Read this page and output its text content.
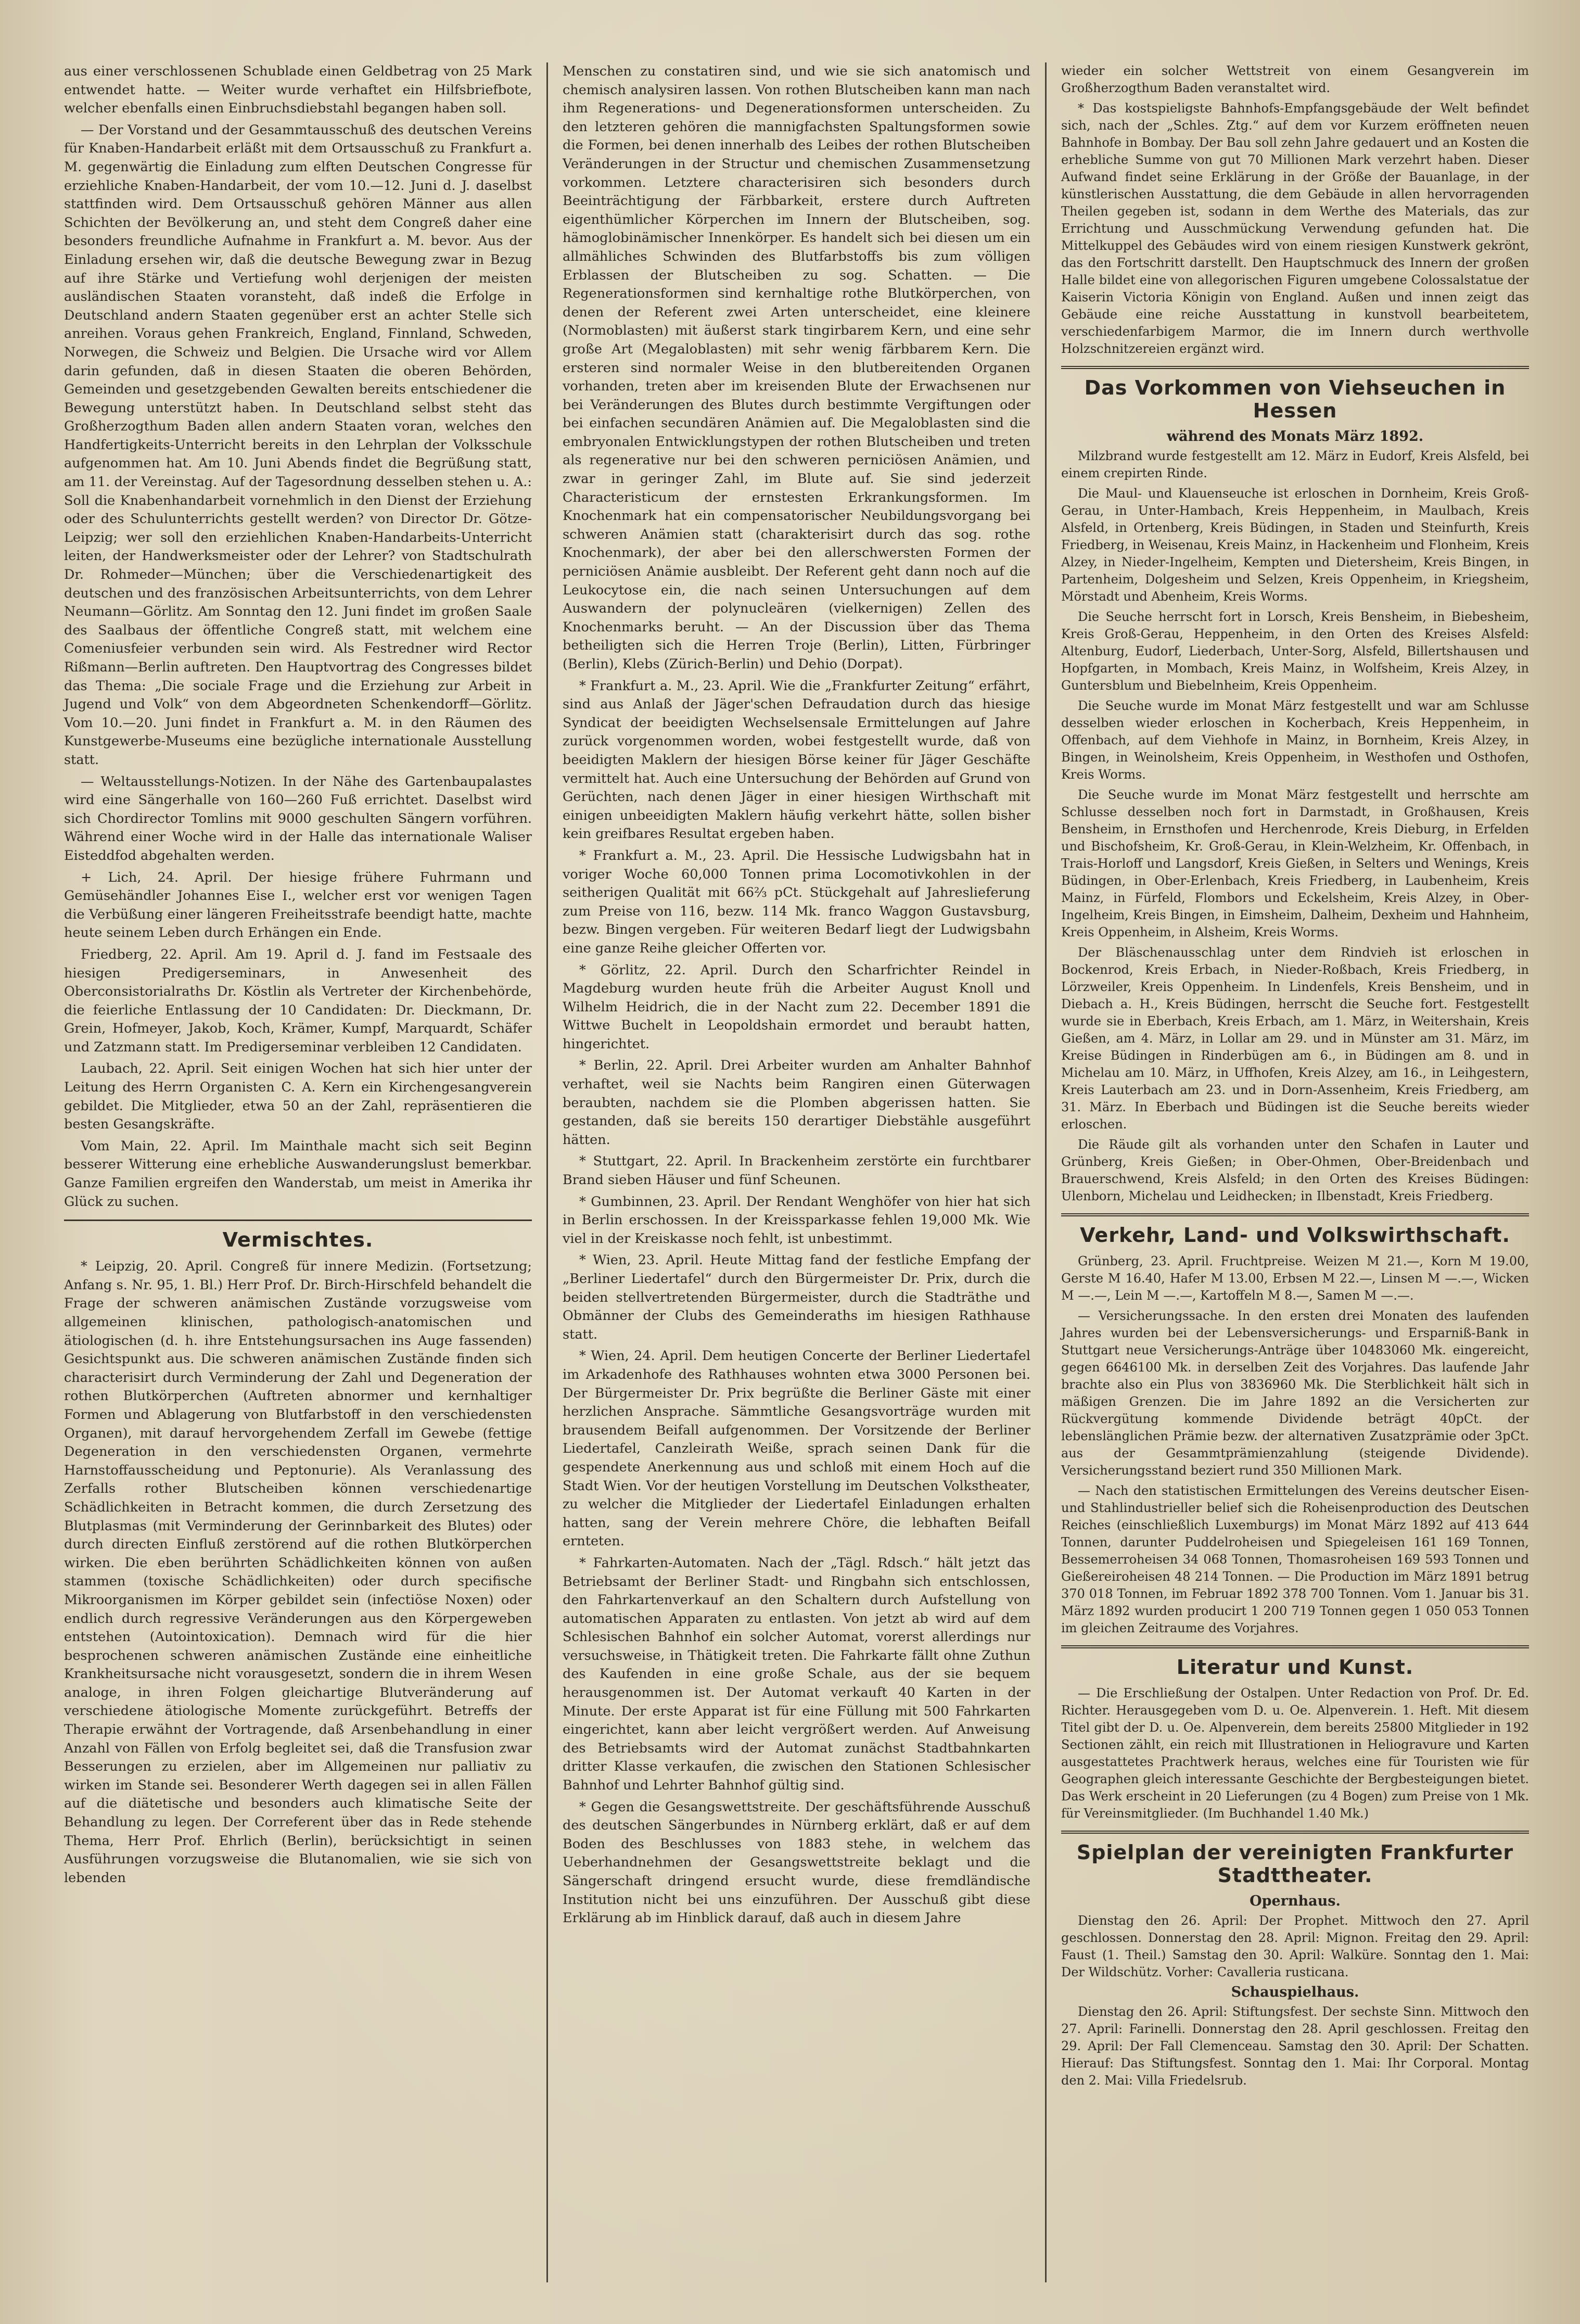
aus einer verschlossenen Schublade einen Geldbetrag von 25 Mark entwendet hatte. — Weiter wurde verhaftet ein Hilfsbriefbote, welcher ebenfalls einen Einbruchsdiebstahl begangen haben soll.

— Der Vorstand und der Gesammtausschuß des deutschen Vereins für Knaben-Handarbeit erläßt mit dem Ortsausschuß zu Frankfurt a. M. gegenwärtig die Einladung zum elften Deutschen Congresse für erziehliche Knaben-Handarbeit, der vom 10.—12. Juni d. J. daselbst stattfinden wird. Dem Ortsausschuß gehören Männer aus allen Schichten der Bevölkerung an, und steht dem Congreß daher eine besonders freundliche Aufnahme in Frankfurt a. M. bevor. Aus der Einladung ersehen wir, daß die deutsche Bewegung zwar in Bezug auf ihre Stärke und Vertiefung wohl derjenigen der meisten ausländischen Staaten voransteht, daß indeß die Erfolge in Deutschland andern Staaten gegenüber erst an achter Stelle sich anreihen. Voraus gehen Frankreich, England, Finnland, Schweden, Norwegen, die Schweiz und Belgien. Die Ursache wird vor Allem darin gefunden, daß in diesen Staaten die oberen Behörden, Gemeinden und gesetzgebenden Gewalten bereits entschiedener die Bewegung unterstützt haben. In Deutschland selbst steht das Großherzogthum Baden allen andern Staaten voran, welches den Handfertigkeits-Unterricht bereits in den Lehrplan der Volksschule aufgenommen hat. Am 10. Juni Abends findet die Begrüßung statt, am 11. der Vereinstag. Auf der Tagesordnung desselben stehen u. A.: Soll die Knabenhandarbeit vornehmlich in den Dienst der Erziehung oder des Schulunterrichts gestellt werden? von Director Dr. Götze-Leipzig; wer soll den erziehlichen Knaben-Handarbeits-Unterricht leiten, der Handwerksmeister oder der Lehrer? von Stadtschulrath Dr. Rohmeder—München; über die Verschiedenartigkeit des deutschen und des französischen Arbeitsunterrichts, von dem Lehrer Neumann—Görlitz. Am Sonntag den 12. Juni findet im großen Saale des Saalbaus der öffentliche Congreß statt, mit welchem eine Comeniusfeier verbunden sein wird. Als Festredner wird Rector Rißmann—Berlin auftreten. Den Hauptvortrag des Congresses bildet das Thema: „Die sociale Frage und die Erziehung zur Arbeit in Jugend und Volk“ von dem Abgeordneten Schenkendorff—Görlitz. Vom 10.—20. Juni findet in Frankfurt a. M. in den Räumen des Kunstgewerbe-Museums eine bezügliche internationale Ausstellung statt.

— Weltausstellungs-Notizen. In der Nähe des Gartenbaupalastes wird eine Sängerhalle von 160—260 Fuß errichtet. Daselbst wird sich Chordirector Tomlins mit 9000 geschulten Sängern vorführen. Während einer Woche wird in der Halle das internationale Waliser Eisteddfod abgehalten werden.

+ Lich, 24. April. Der hiesige frühere Fuhrmann und Gemüsehändler Johannes Eise I., welcher erst vor wenigen Tagen die Verbüßung einer längeren Freiheitsstrafe beendigt hatte, machte heute seinem Leben durch Erhängen ein Ende.

Friedberg, 22. April. Am 19. April d. J. fand im Festsaale des hiesigen Predigerseminars, in Anwesenheit des Oberconsistorialraths Dr. Köstlin als Vertreter der Kirchenbehörde, die feierliche Entlassung der 10 Candidaten: Dr. Dieckmann, Dr. Grein, Hofmeyer, Jakob, Koch, Krämer, Kumpf, Marquardt, Schäfer und Zatzmann statt. Im Predigerseminar verbleiben 12 Candidaten.

Laubach, 22. April. Seit einigen Wochen hat sich hier unter der Leitung des Herrn Organisten C. A. Kern ein Kirchengesangverein gebildet. Die Mitglieder, etwa 50 an der Zahl, repräsentieren die besten Gesangskräfte.

Vom Main, 22. April. Im Mainthale macht sich seit Beginn besserer Witterung eine erhebliche Auswanderungslust bemerkbar. Ganze Familien ergreifen den Wanderstab, um meist in Amerika ihr Glück zu suchen.

Vermischtes.

* Leipzig, 20. April. Congreß für innere Medizin. (Fortsetzung; Anfang s. Nr. 95, 1. Bl.) Herr Prof. Dr. Birch-Hirschfeld behandelt die Frage der schweren anämischen Zustände vorzugsweise vom allgemeinen klinischen, pathologisch-anatomischen und ätiologischen (d. h. ihre Entstehungsursachen ins Auge fassenden) Gesichtspunkt aus. Die schweren anämischen Zustände finden sich characterisirt durch Verminderung der Zahl und Degeneration der rothen Blutkörperchen (Auftreten abnormer und kernhaltiger Formen und Ablagerung von Blutfarbstoff in den verschiedensten Organen), mit darauf hervorgehendem Zerfall im Gewebe (fettige Degeneration in den verschiedensten Organen, vermehrte Harnstoffausscheidung und Peptonurie). Als Veranlassung des Zerfalls rother Blutscheiben können verschiedenartige Schädlichkeiten in Betracht kommen, die durch Zersetzung des Blutplasmas (mit Verminderung der Gerinnbarkeit des Blutes) oder durch directen Einfluß zerstörend auf die rothen Blutkörperchen wirken. Die eben berührten Schädlichkeiten können von außen stammen (toxische Schädlichkeiten) oder durch specifische Mikroorganismen im Körper gebildet sein (infectiöse Noxen) oder endlich durch regressive Veränderungen aus den Körpergeweben entstehen (Autointoxication). Demnach wird für die hier besprochenen schweren anämischen Zustände eine einheitliche Krankheitsursache nicht vorausgesetzt, sondern die in ihrem Wesen analoge, in ihren Folgen gleichartige Blutveränderung auf verschiedene ätiologische Momente zurückgeführt. Betreffs der Therapie erwähnt der Vortragende, daß Arsenbehandlung in einer Anzahl von Fällen von Erfolg begleitet sei, daß die Transfusion zwar Besserungen zu erzielen, aber im Allgemeinen nur palliativ zu wirken im Stande sei. Besonderer Werth dagegen sei in allen Fällen auf die diätetische und besonders auch klimatische Seite der Behandlung zu legen. Der Correferent über das in Rede stehende Thema, Herr Prof. Ehrlich (Berlin), berücksichtigt in seinen Ausführungen vorzugsweise die Blutanomalien, wie sie sich von lebenden

Menschen zu constatiren sind, und wie sie sich anatomisch und chemisch analysiren lassen. Von rothen Blutscheiben kann man nach ihm Regenerations- und Degenerationsformen unterscheiden. Zu den letzteren gehören die mannigfachsten Spaltungsformen sowie die Formen, bei denen innerhalb des Leibes der rothen Blutscheiben Veränderungen in der Structur und chemischen Zusammensetzung vorkommen. Letztere characterisiren sich besonders durch Beeinträchtigung der Färbbarkeit, erstere durch Auftreten eigenthümlicher Körperchen im Innern der Blutscheiben, sog. hämoglobinämischer Innenkörper. Es handelt sich bei diesen um ein allmähliches Schwinden des Blutfarbstoffs bis zum völligen Erblassen der Blutscheiben zu sog. Schatten. — Die Regenerationsformen sind kernhaltige rothe Blutkörperchen, von denen der Referent zwei Arten unterscheidet, eine kleinere (Normoblasten) mit äußerst stark tingirbarem Kern, und eine sehr große Art (Megaloblasten) mit sehr wenig färbbarem Kern. Die ersteren sind normaler Weise in den blutbereitenden Organen vorhanden, treten aber im kreisenden Blute der Erwachsenen nur bei Veränderungen des Blutes durch bestimmte Vergiftungen oder bei einfachen secundären Anämien auf. Die Megaloblasten sind die embryonalen Entwicklungstypen der rothen Blutscheiben und treten als regenerative nur bei den schweren perniciösen Anämien, und zwar in geringer Zahl, im Blute auf. Sie sind jederzeit Characteristicum der ernstesten Erkrankungsformen. Im Knochenmark hat ein compensatorischer Neubildungsvorgang bei schweren Anämien statt (charakterisirt durch das sog. rothe Knochenmark), der aber bei den allerschwersten Formen der perniciösen Anämie ausbleibt. Der Referent geht dann noch auf die Leukocytose ein, die nach seinen Untersuchungen auf dem Auswandern der polynucleären (vielkernigen) Zellen des Knochenmarks beruht. — An der Discussion über das Thema betheiligten sich die Herren Troje (Berlin), Litten, Fürbringer (Berlin), Klebs (Zürich-Berlin) und Dehio (Dorpat).

* Frankfurt a. M., 23. April. Wie die „Frankfurter Zeitung“ erfährt, sind aus Anlaß der Jäger'schen Defraudation durch das hiesige Syndicat der beeidigten Wechselsensale Ermittelungen auf Jahre zurück vorgenommen worden, wobei festgestellt wurde, daß von beeidigten Maklern der hiesigen Börse keiner für Jäger Geschäfte vermittelt hat. Auch eine Untersuchung der Behörden auf Grund von Gerüchten, nach denen Jäger in einer hiesigen Wirthschaft mit einigen unbeeidigten Maklern häufig verkehrt hätte, sollen bisher kein greifbares Resultat ergeben haben.

* Frankfurt a. M., 23. April. Die Hessische Ludwigsbahn hat in voriger Woche 60,000 Tonnen prima Locomotivkohlen in der seitherigen Qualität mit 66⅔ pCt. Stückgehalt auf Jahreslieferung zum Preise von 116, bezw. 114 Mk. franco Waggon Gustavsburg, bezw. Bingen vergeben. Für weiteren Bedarf liegt der Ludwigsbahn eine ganze Reihe gleicher Offerten vor.

* Görlitz, 22. April. Durch den Scharfrichter Reindel in Magdeburg wurden heute früh die Arbeiter August Knoll und Wilhelm Heidrich, die in der Nacht zum 22. December 1891 die Wittwe Buchelt in Leopoldshain ermordet und beraubt hatten, hingerichtet.

* Berlin, 22. April. Drei Arbeiter wurden am Anhalter Bahnhof verhaftet, weil sie Nachts beim Rangiren einen Güterwagen beraubten, nachdem sie die Plomben abgerissen hatten. Sie gestanden, daß sie bereits 150 derartiger Diebstähle ausgeführt hätten.

* Stuttgart, 22. April. In Brackenheim zerstörte ein furchtbarer Brand sieben Häuser und fünf Scheunen.

* Gumbinnen, 23. April. Der Rendant Wenghöfer von hier hat sich in Berlin erschossen. In der Kreissparkasse fehlen 19,000 Mk. Wie viel in der Kreiskasse noch fehlt, ist unbestimmt.

* Wien, 23. April. Heute Mittag fand der festliche Empfang der „Berliner Liedertafel“ durch den Bürgermeister Dr. Prix, durch die beiden stellvertretenden Bürgermeister, durch die Stadträthe und Obmänner der Clubs des Gemeinderaths im hiesigen Rathhause statt.

* Wien, 24. April. Dem heutigen Concerte der Berliner Liedertafel im Arkadenhofe des Rathhauses wohnten etwa 3000 Personen bei. Der Bürgermeister Dr. Prix begrüßte die Berliner Gäste mit einer herzlichen Ansprache. Sämmtliche Gesangsvorträge wurden mit brausendem Beifall aufgenommen. Der Vorsitzende der Berliner Liedertafel, Canzleirath Weiße, sprach seinen Dank für die gespendete Anerkennung aus und schloß mit einem Hoch auf die Stadt Wien. Vor der heutigen Vorstellung im Deutschen Volkstheater, zu welcher die Mitglieder der Liedertafel Einladungen erhalten hatten, sang der Verein mehrere Chöre, die lebhaften Beifall ernteten.

* Fahrkarten-Automaten. Nach der „Tägl. Rdsch.“ hält jetzt das Betriebsamt der Berliner Stadt- und Ringbahn sich entschlossen, den Fahrkartenverkauf an den Schaltern durch Aufstellung von automatischen Apparaten zu entlasten. Von jetzt ab wird auf dem Schlesischen Bahnhof ein solcher Automat, vorerst allerdings nur versuchsweise, in Thätigkeit treten. Die Fahrkarte fällt ohne Zuthun des Kaufenden in eine große Schale, aus der sie bequem herausgenommen ist. Der Automat verkauft 40 Karten in der Minute. Der erste Apparat ist für eine Füllung mit 500 Fahrkarten eingerichtet, kann aber leicht vergrößert werden. Auf Anweisung des Betriebsamts wird der Automat zunächst Stadtbahnkarten dritter Klasse verkaufen, die zwischen den Stationen Schlesischer Bahnhof und Lehrter Bahnhof gültig sind.

* Gegen die Gesangswettstreite. Der geschäftsführende Ausschuß des deutschen Sängerbundes in Nürnberg erklärt, daß er auf dem Boden des Beschlusses von 1883 stehe, in welchem das Ueberhandnehmen der Gesangswettstreite beklagt und die Sängerschaft dringend ersucht wurde, diese fremdländische Institution nicht bei uns einzuführen. Der Ausschuß gibt diese Erklärung ab im Hinblick darauf, daß auch in diesem Jahre

wieder ein solcher Wettstreit von einem Gesangverein im Großherzogthum Baden veranstaltet wird.

* Das kostspieligste Bahnhofs-Empfangsgebäude der Welt befindet sich, nach der „Schles. Ztg.“ auf dem vor Kurzem eröffneten neuen Bahnhofe in Bombay. Der Bau soll zehn Jahre gedauert und an Kosten die erhebliche Summe von gut 70 Millionen Mark verzehrt haben. Dieser Aufwand findet seine Erklärung in der Größe der Bauanlage, in der künstlerischen Ausstattung, die dem Gebäude in allen hervorragenden Theilen gegeben ist, sodann in dem Werthe des Materials, das zur Errichtung und Ausschmückung Verwendung gefunden hat. Die Mittelkuppel des Gebäudes wird von einem riesigen Kunstwerk gekrönt, das den Fortschritt darstellt. Den Hauptschmuck des Innern der großen Halle bildet eine von allegorischen Figuren umgebene Colossalstatue der Kaiserin Victoria Königin von England. Außen und innen zeigt das Gebäude eine reiche Ausstattung in kunstvoll bearbeitetem, verschiedenfarbigem Marmor, die im Innern durch werthvolle Holzschnitzereien ergänzt wird.

Das Vorkommen von Viehseuchen in Hessen
während des Monats März 1892.

Milzbrand wurde festgestellt am 12. März in Eudorf, Kreis Alsfeld, bei einem crepirten Rinde.

Die Maul- und Klauenseuche ist erloschen in Dornheim, Kreis Groß-Gerau, in Unter-Hambach, Kreis Heppenheim, in Maulbach, Kreis Alsfeld, in Ortenberg, Kreis Büdingen, in Staden und Steinfurth, Kreis Friedberg, in Weisenau, Kreis Mainz, in Hackenheim und Flonheim, Kreis Alzey, in Nieder-Ingelheim, Kempten und Dietersheim, Kreis Bingen, in Partenheim, Dolgesheim und Selzen, Kreis Oppenheim, in Kriegsheim, Mörstadt und Abenheim, Kreis Worms.

Die Seuche herrscht fort in Lorsch, Kreis Bensheim, in Biebesheim, Kreis Groß-Gerau, Heppenheim, in den Orten des Kreises Alsfeld: Altenburg, Eudorf, Liederbach, Unter-Sorg, Alsfeld, Billertshausen und Hopfgarten, in Mombach, Kreis Mainz, in Wolfsheim, Kreis Alzey, in Guntersblum und Biebelnheim, Kreis Oppenheim.

Die Seuche wurde im Monat März festgestellt und war am Schlusse desselben wieder erloschen in Kocherbach, Kreis Heppenheim, in Offenbach, auf dem Viehhofe in Mainz, in Bornheim, Kreis Alzey, in Bingen, in Weinolsheim, Kreis Oppenheim, in Westhofen und Osthofen, Kreis Worms.

Die Seuche wurde im Monat März festgestellt und herrschte am Schlusse desselben noch fort in Darmstadt, in Großhausen, Kreis Bensheim, in Ernsthofen und Herchenrode, Kreis Dieburg, in Erfelden und Bischofsheim, Kr. Groß-Gerau, in Klein-Welzheim, Kr. Offenbach, in Trais-Horloff und Langsdorf, Kreis Gießen, in Selters und Wenings, Kreis Büdingen, in Ober-Erlenbach, Kreis Friedberg, in Laubenheim, Kreis Mainz, in Fürfeld, Flombors und Eckelsheim, Kreis Alzey, in Ober-Ingelheim, Kreis Bingen, in Eimsheim, Dalheim, Dexheim und Hahnheim, Kreis Oppenheim, in Alsheim, Kreis Worms.

Der Bläschenausschlag unter dem Rindvieh ist erloschen in Bockenrod, Kreis Erbach, in Nieder-Roßbach, Kreis Friedberg, in Lörzweiler, Kreis Oppenheim. In Lindenfels, Kreis Bensheim, und in Diebach a. H., Kreis Büdingen, herrscht die Seuche fort. Festgestellt wurde sie in Eberbach, Kreis Erbach, am 1. März, in Weitershain, Kreis Gießen, am 4. März, in Lollar am 29. und in Münster am 31. März, im Kreise Büdingen in Rinderbügen am 6., in Büdingen am 8. und in Michelau am 10. März, in Uffhofen, Kreis Alzey, am 16., in Leihgestern, Kreis Lauterbach am 23. und in Dorn-Assenheim, Kreis Friedberg, am 31. März. In Eberbach und Büdingen ist die Seuche bereits wieder erloschen.

Die Räude gilt als vorhanden unter den Schafen in Lauter und Grünberg, Kreis Gießen; in Ober-Ohmen, Ober-Breidenbach und Brauerschwend, Kreis Alsfeld; in den Orten des Kreises Büdingen: Ulenborn, Michelau und Leidhecken; in Ilbenstadt, Kreis Friedberg.

Verkehr, Land- und Volkswirthschaft.

Grünberg, 23. April. Fruchtpreise. Weizen M 21.—, Korn M 19.00, Gerste M 16.40, Hafer M 13.00, Erbsen M 22.—, Linsen M —.—, Wicken M —.—, Lein M —.—, Kartoffeln M 8.—, Samen M —.—.

— Versicherungssache. In den ersten drei Monaten des laufenden Jahres wurden bei der Lebensversicherungs- und Ersparniß-Bank in Stuttgart neue Versicherungs-Anträge über 10483060 Mk. eingereicht, gegen 6646100 Mk. in derselben Zeit des Vorjahres. Das laufende Jahr brachte also ein Plus von 3836960 Mk. Die Sterblichkeit hält sich in mäßigen Grenzen. Die im Jahre 1892 an die Versicherten zur Rückvergütung kommende Dividende beträgt 40pCt. der lebenslänglichen Prämie bezw. der alternativen Zusatzprämie oder 3pCt. aus der Gesammtprämienzahlung (steigende Dividende). Versicherungsstand beziert rund 350 Millionen Mark.

— Nach den statistischen Ermittelungen des Vereins deutscher Eisen- und Stahlindustrieller belief sich die Roheisenproduction des Deutschen Reiches (einschließlich Luxemburgs) im Monat März 1892 auf 413 644 Tonnen, darunter Puddelroheisen und Spiegeleisen 161 169 Tonnen, Bessemerroheisen 34 068 Tonnen, Thomasroheisen 169 593 Tonnen und Gießereiroheisen 48 214 Tonnen. — Die Production im März 1891 betrug 370 018 Tonnen, im Februar 1892 378 700 Tonnen. Vom 1. Januar bis 31. März 1892 wurden producirt 1 200 719 Tonnen gegen 1 050 053 Tonnen im gleichen Zeitraume des Vorjahres.

Literatur und Kunst.

— Die Erschließung der Ostalpen. Unter Redaction von Prof. Dr. Ed. Richter. Herausgegeben vom D. u. Oe. Alpenverein. 1. Heft. Mit diesem Titel gibt der D. u. Oe. Alpenverein, dem bereits 25800 Mitglieder in 192 Sectionen zählt, ein reich mit Illustrationen in Heliogravure und Karten ausgestattetes Prachtwerk heraus, welches eine für Touristen wie für Geographen gleich interessante Geschichte der Bergbesteigungen bietet. Das Werk erscheint in 20 Lieferungen (zu 4 Bogen) zum Preise von 1 Mk. für Vereinsmitglieder. (Im Buchhandel 1.40 Mk.)

Spielplan der vereinigten Frankfurter Stadttheater.
Opernhaus.

Dienstag den 26. April: Der Prophet. Mittwoch den 27. April geschlossen. Donnerstag den 28. April: Mignon. Freitag den 29. April: Faust (1. Theil.) Samstag den 30. April: Walküre. Sonntag den 1. Mai: Der Wildschütz. Vorher: Cavalleria rusticana.

Schauspielhaus.

Dienstag den 26. April: Stiftungsfest. Der sechste Sinn. Mittwoch den 27. April: Farinelli. Donnerstag den 28. April geschlossen. Freitag den 29. April: Der Fall Clemenceau. Samstag den 30. April: Der Schatten. Hierauf: Das Stiftungsfest. Sonntag den 1. Mai: Ihr Corporal. Montag den 2. Mai: Villa Friedelsrub.
